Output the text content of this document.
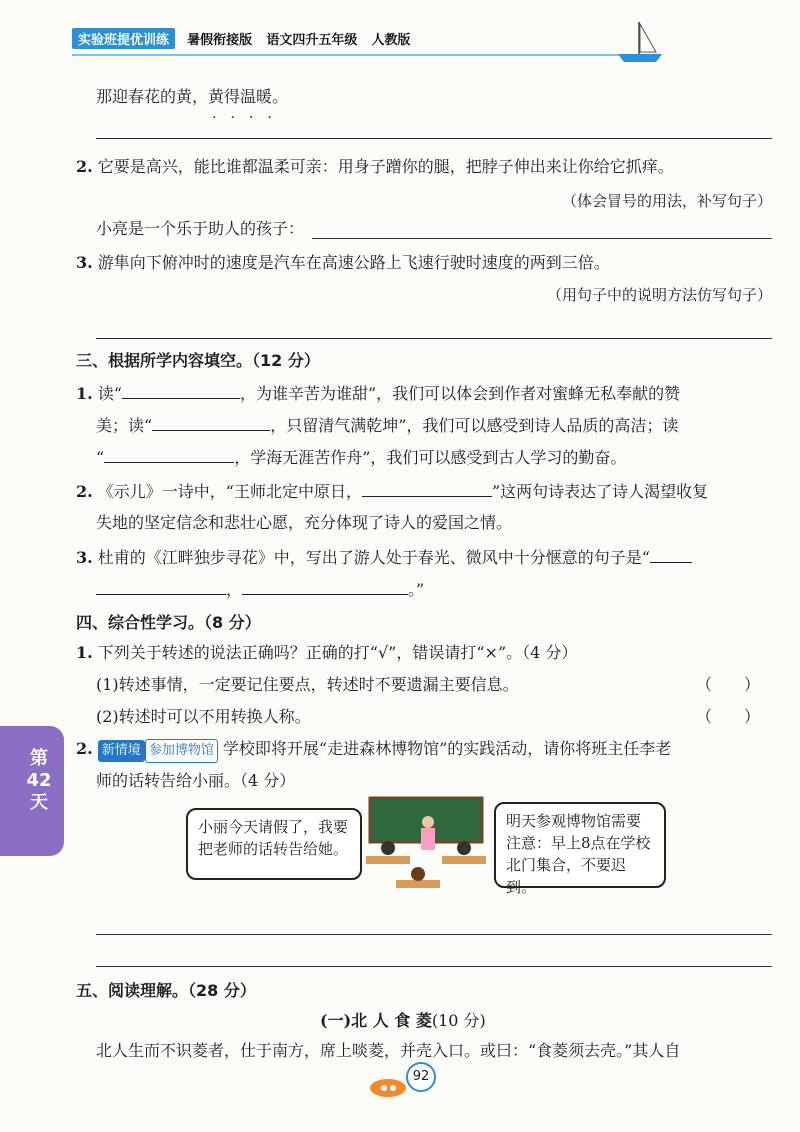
实验班提优训练 暑假衔接版 语文四升五年级 人教版
那迎春花的黄，黄得温暖。
····
2. 它要是高兴，能比谁都温柔可亲：用身子蹭你的腿，把脖子伸出来让你给它抓痒。
（体会冒号的用法，补写句子）
小亮是一个乐于助人的孩子：
3. 游隼向下俯冲时的速度是汽车在高速公路上飞速行驶时速度的两到三倍。
（用句子中的说明方法仿写句子）
三、根据所学内容填空。（12 分）
1. 读“	，为谁辛苦为谁甜”，我们可以体会到作者对蜜蜂无私奉献的赞
美；读“	，只留清气满乾坤”，我们可以感受到诗人品质的高洁；读
“	，学海无涯苦作舟”，我们可以感受到古人学习的勤奋。
2. 《示儿》一诗中，“王师北定中原日，	”这两句诗表达了诗人渴望收复
失地的坚定信念和悲壮心愿，充分体现了诗人的爱国之情。
3. 杜甫的《江畔独步寻花》中，写出了游人处于春光、微风中十分惬意的句子是“
，	。”
四、综合性学习。（8 分）
1. 下列关于转述的说法正确吗？正确的打“√”，错误请打“×”。（4 分）
(1)转述事情，一定要记住要点，转述时不要遗漏主要信息。	（　　）
(2)转述时可以不用转换人称。	（　　）
2. 新情境 参加博物馆 学校即将开展“走进森林博物馆”的实践活动，请你将班主任李老
师的话转告给小丽。（4 分）
第42天
小丽今天请假了，我要把老师的话转告给她。
明天参观博物馆需要注意：早上8点在学校北门集合，不要迟到。
五、阅读理解。（28 分）
(一)北 人 食 菱(10 分)
北人生而不识菱者，仕于南方，席上啖菱，并壳入口。或曰：“食菱须去壳。”其人自
92
